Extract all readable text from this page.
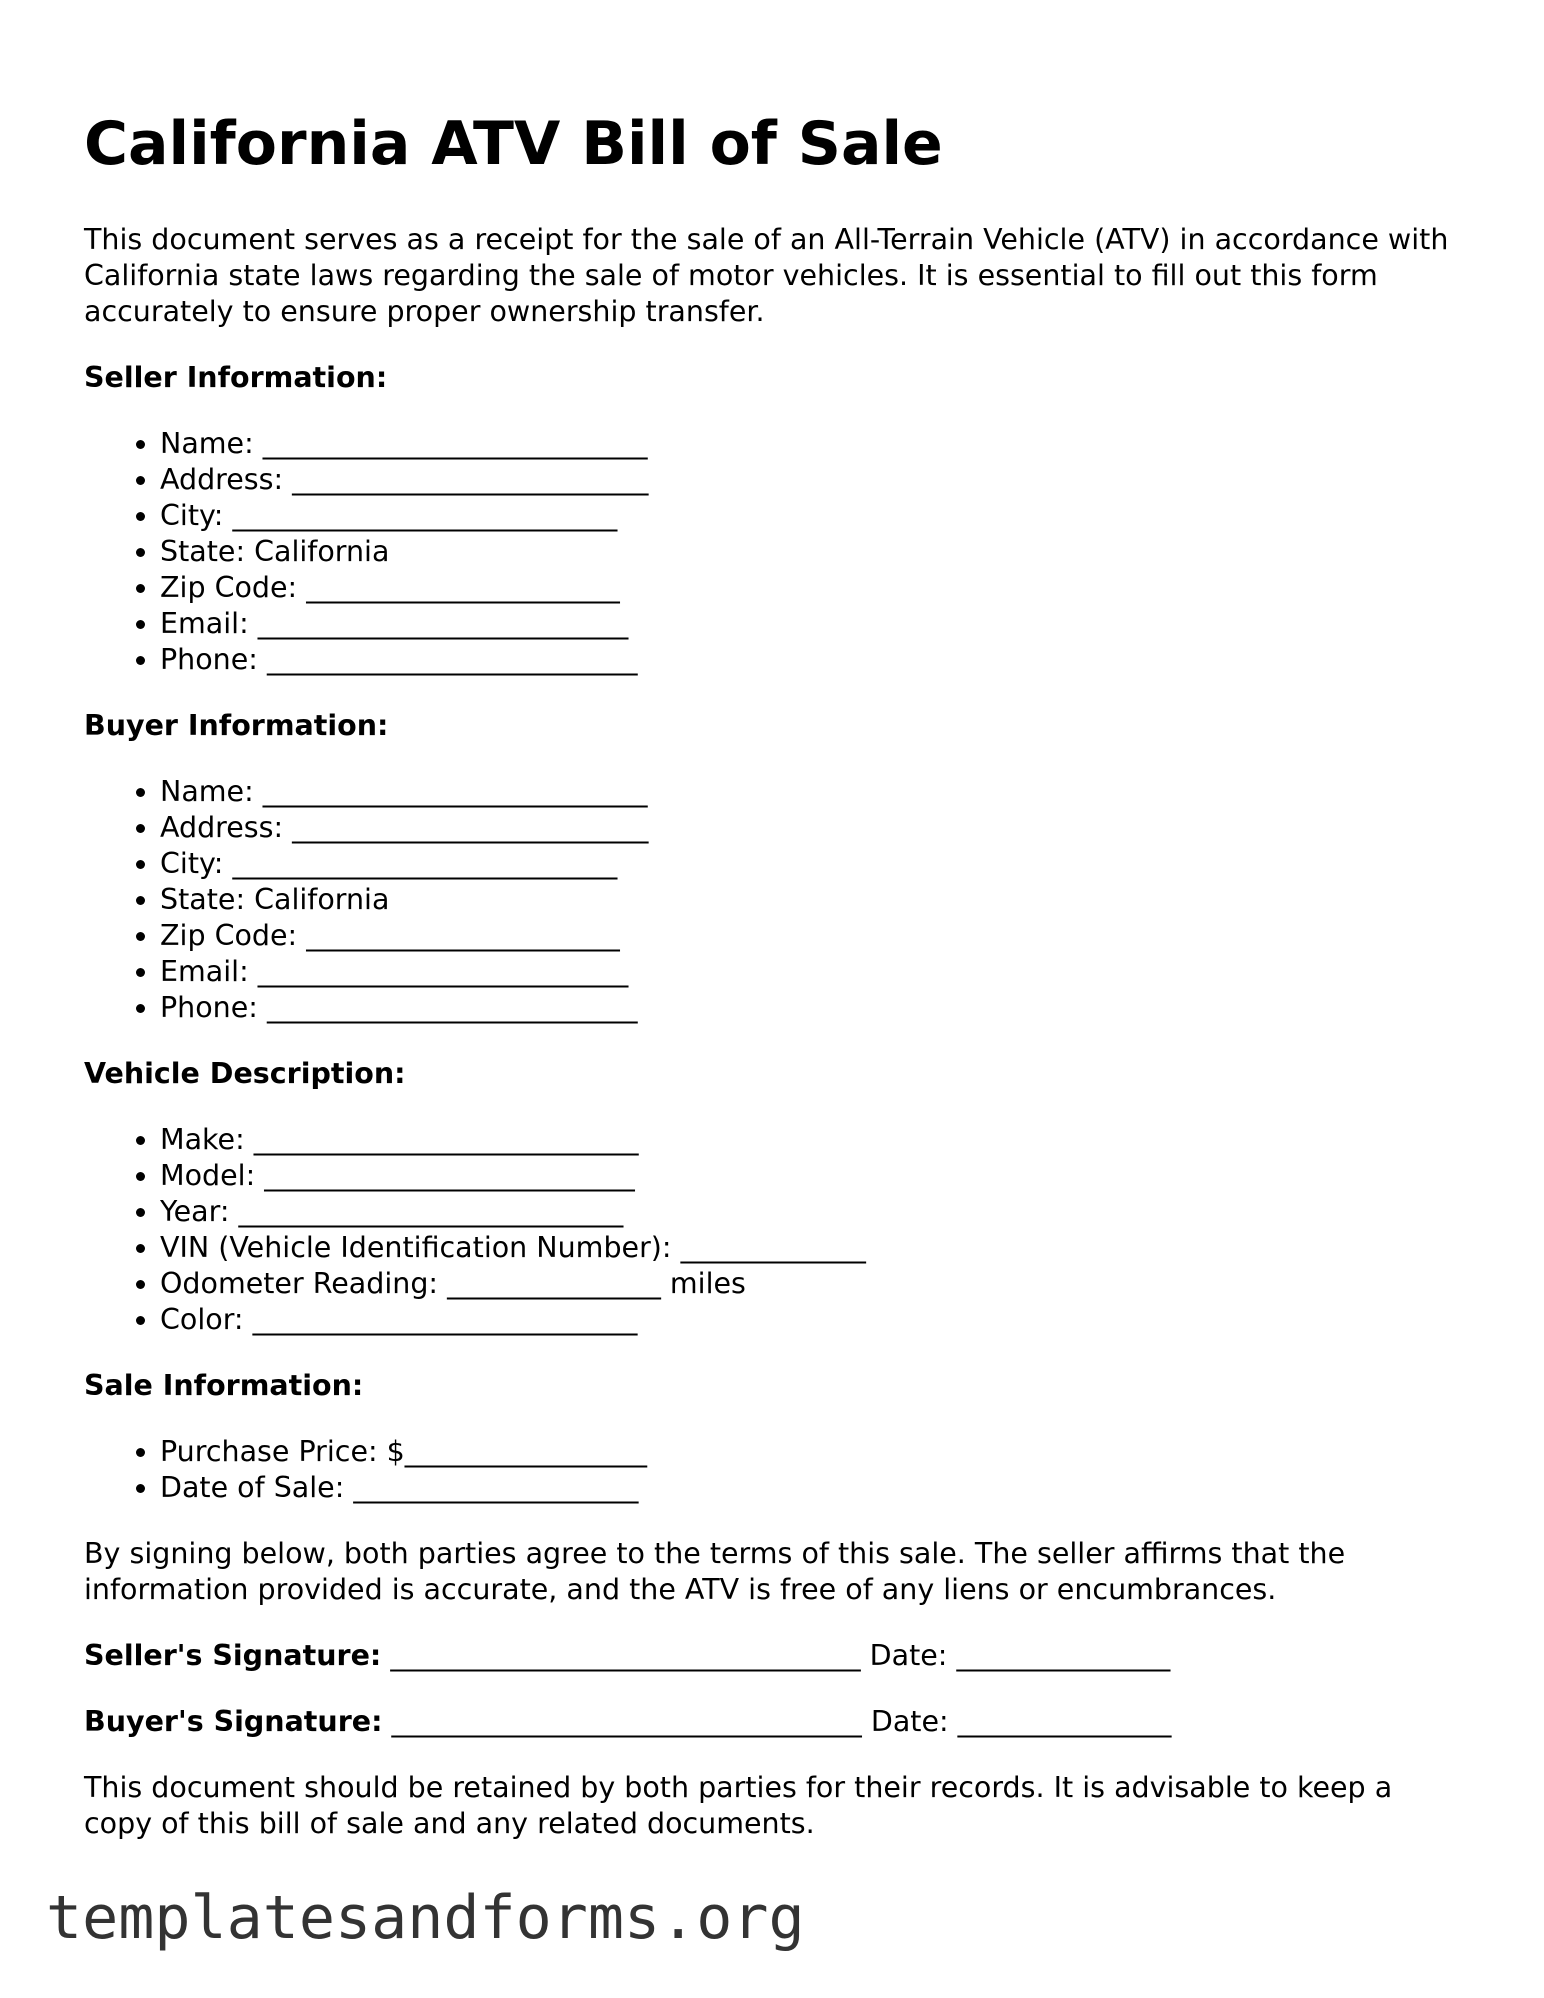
California ATV Bill of Sale

This document serves as a receipt for the sale of an All-Terrain Vehicle (ATV) in accordance with California state laws regarding the sale of motor vehicles. It is essential to fill out this form accurately to ensure proper ownership transfer.

Seller Information:
• Name: ___________________________
• Address: _________________________
• City: ___________________________
• State: California
• Zip Code: ______________________
• Email: __________________________
• Phone: __________________________
Buyer Information:
• Name: ___________________________
• Address: _________________________
• City: ___________________________
• State: California
• Zip Code: ______________________
• Email: __________________________
• Phone: __________________________
Vehicle Description:
• Make: ___________________________
• Model: __________________________
• Year: ___________________________
• VIN (Vehicle Identification Number): _____________
• Odometer Reading: _______________ miles
• Color: ___________________________
Sale Information:
• Purchase Price: $_________________
• Date of Sale: ____________________

By signing below, both parties agree to the terms of this sale. The seller affirms that the information provided is accurate, and the ATV is free of any liens or encumbrances.

Seller's Signature: _________________________________ Date: _______________
Buyer's Signature: _________________________________ Date: _______________

This document should be retained by both parties for their records. It is advisable to keep a copy of this bill of sale and any related documents.

templatesandforms.org
